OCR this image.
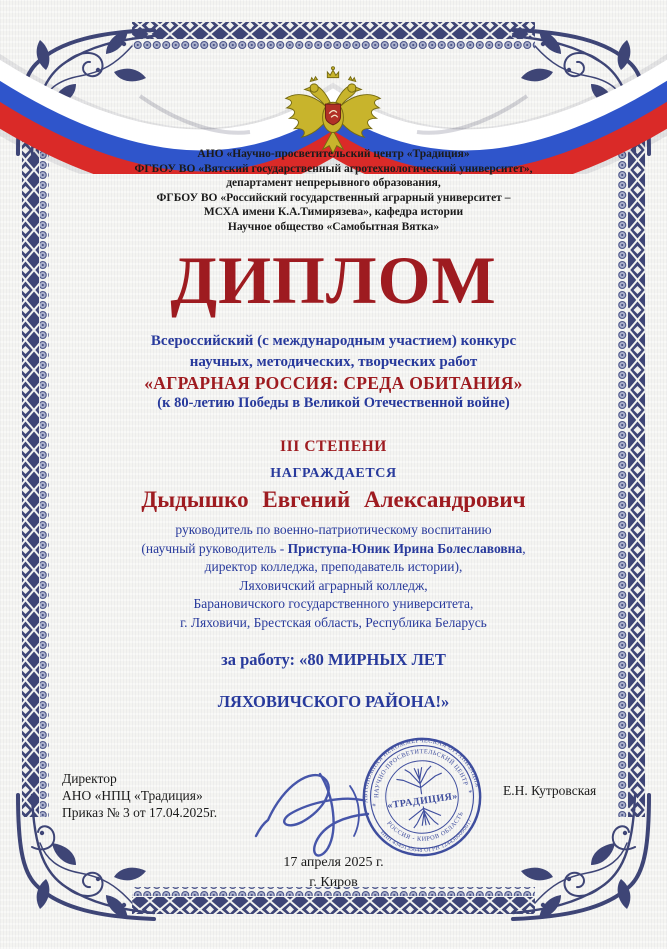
АНО «Научно-просветительский центр «Традиция»
ФГБОУ ВО «Вятский государственный агротехнологический университет»,
департамент непрерывного образования,
ФГБОУ ВО «Российский государственный аграрный университет –
МСХА имени К.А.Тимирязева», кафедра истории
Научное общество «Самобытная Вятка»
ДИПЛОМ
Всероссийский (с международным участием) конкурс
научных, методических, творческих работ
«АГРАРНАЯ РОССИЯ: СРЕДА ОБИТАНИЯ»
(к 80-летию Победы в Великой Отечественной войне)
III СТЕПЕНИ
НАГРАЖДАЕТСЯ
Дыдышко Евгений Александрович
руководитель по военно-патриотическому воспитанию
(научный руководитель - Приступа-Юник Ирина Болеславовна,
директор колледжа, преподаватель истории),
Ляховичский аграрный колледж,
Барановичского государственного университета,
г. Ляховичи, Брестская область, Республика Беларусь
за работу: «80 МИРНЫХ ЛЕТ
ЛЯХОВИЧСКОГО РАЙОНА!»
Директор
АНО «НПЦ «Традиция»
Приказ № 3 от 17.04.2025г.
АВТОНОМНАЯ НЕКОММЕРЧЕСКАЯ ОРГАНИЗАЦИЯ
НАУЧНО-ПРОСВЕТИТЕЛЬСКИЙ ЦЕНТР
РОССИЯ - КИРОВ ОБЛАСТЬ
ИНН 4345135648 ОГРН 1244300090017
«ТРАДИЦИЯ»
*
* Е.Н. Кутровская
17 апреля 2025 г.
г. Киров
